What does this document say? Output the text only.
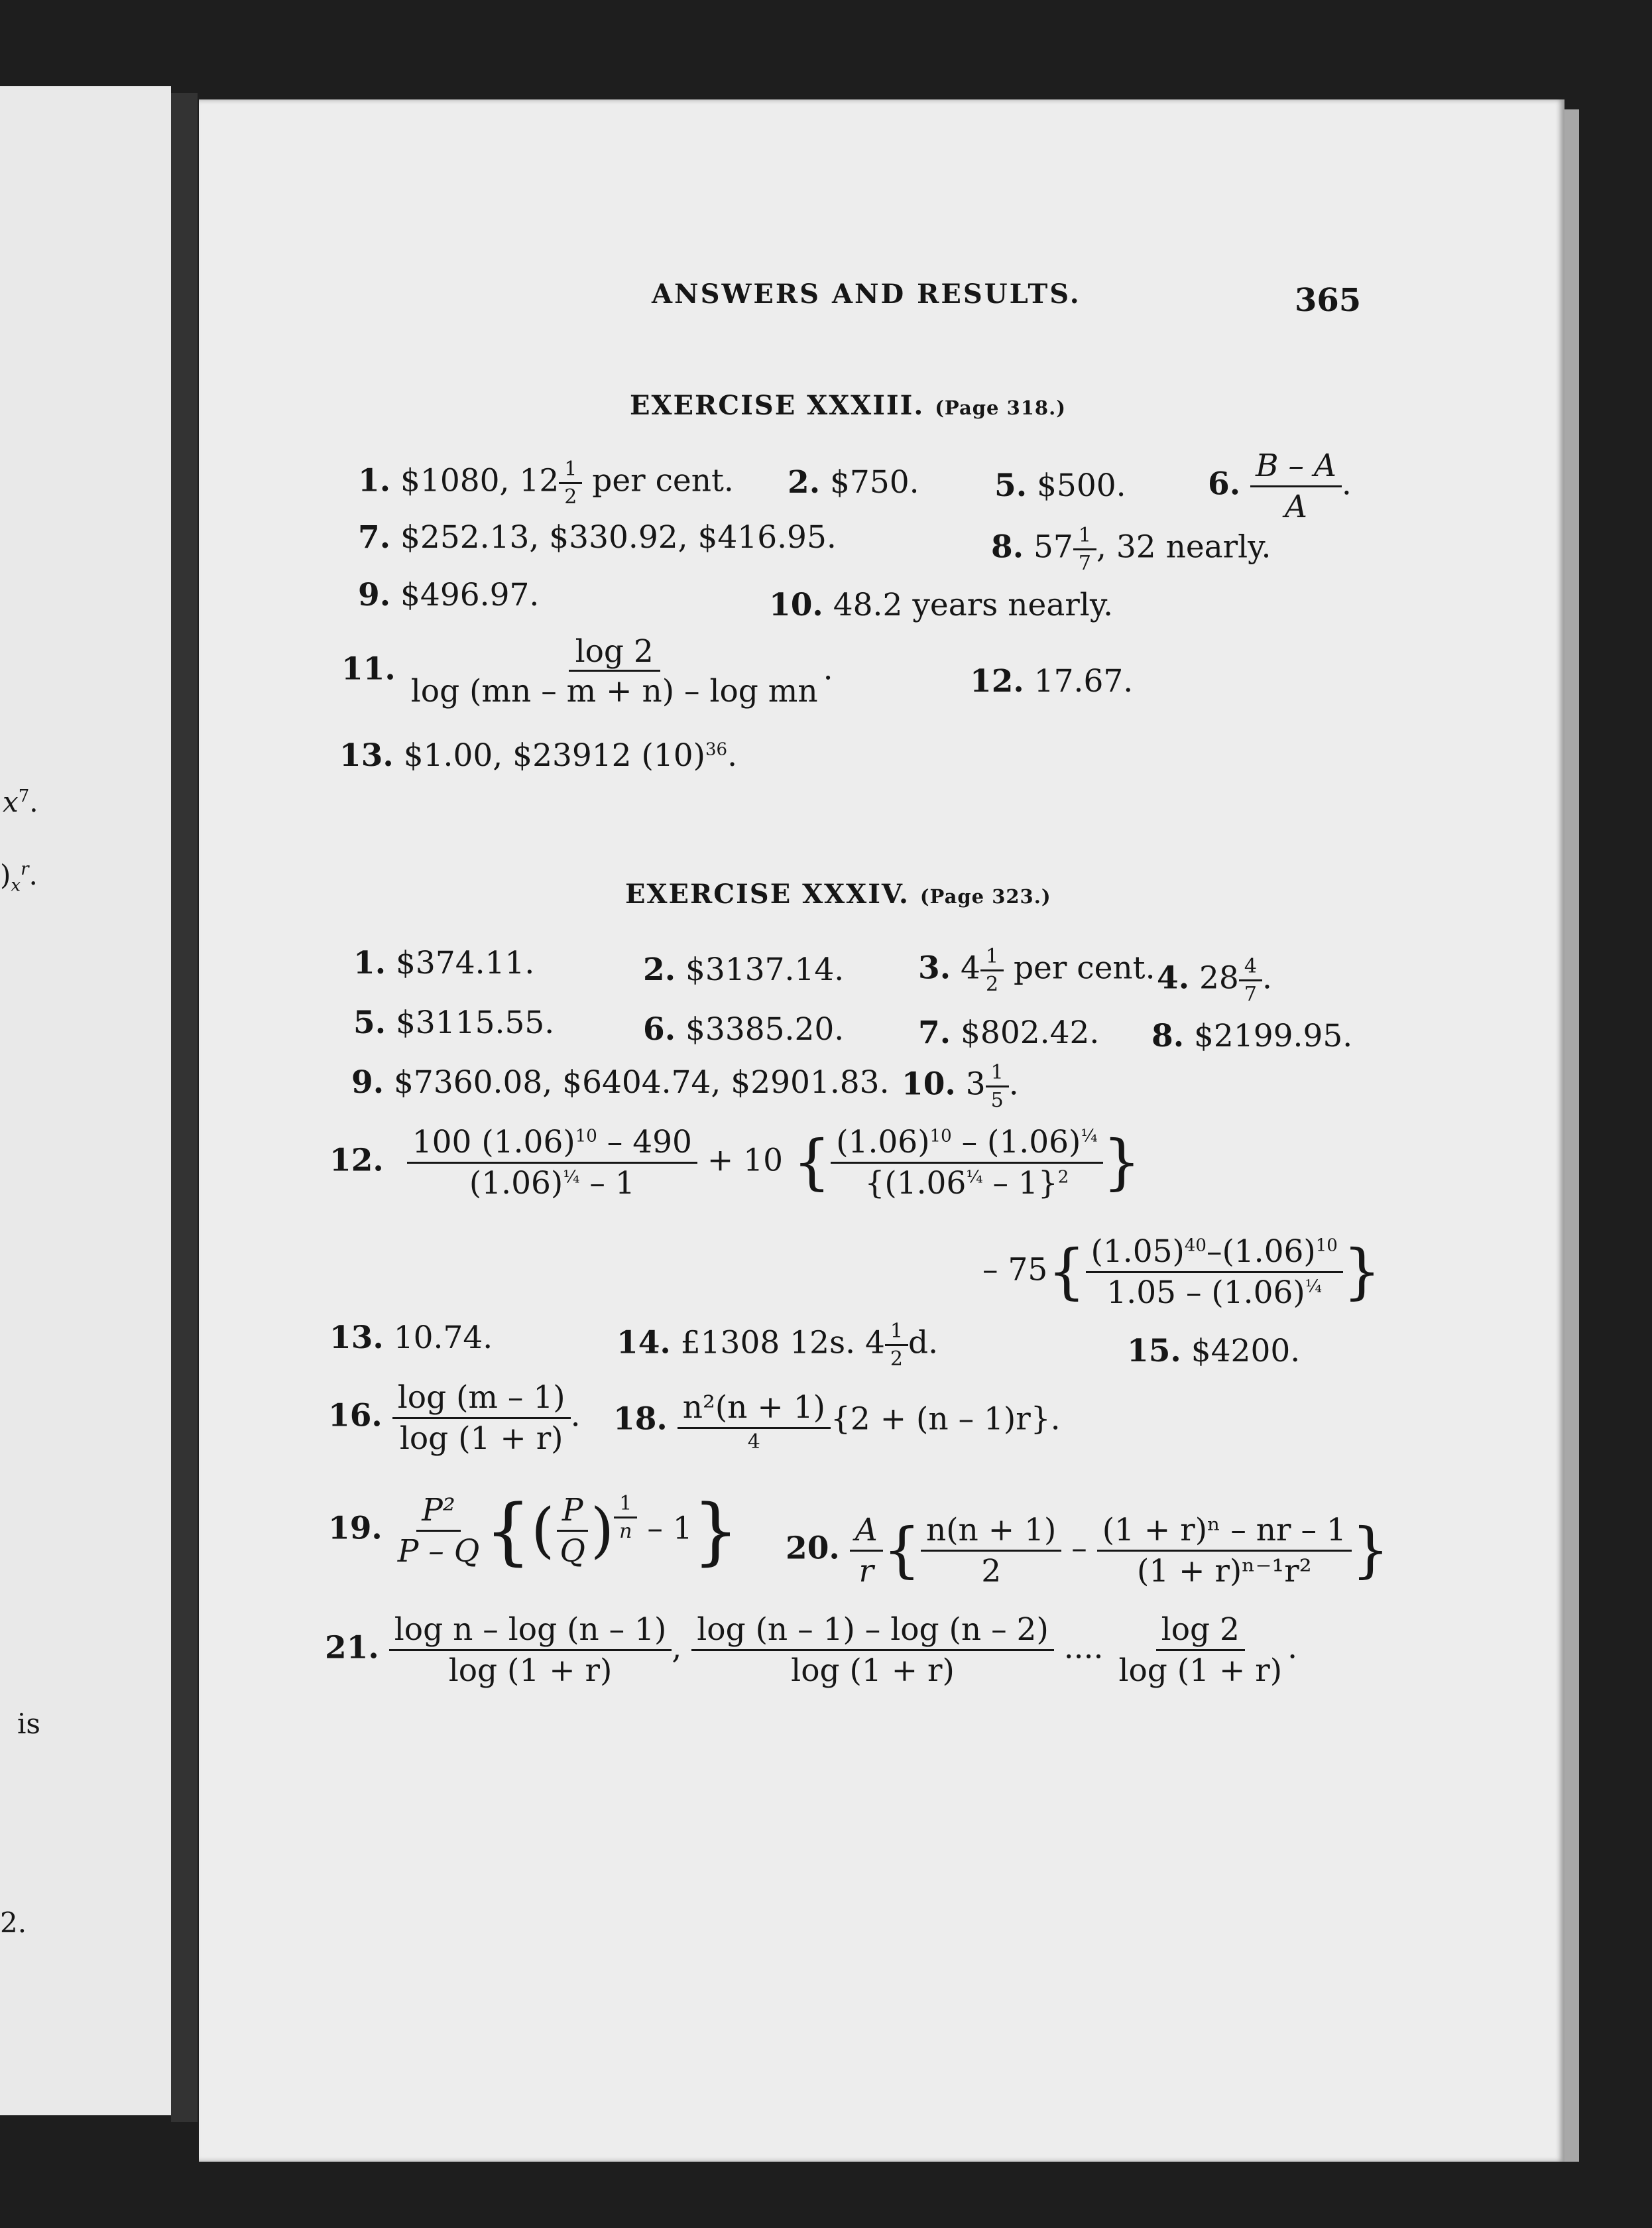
$x^7$.
)$_x^r$.
is
2.
ANSWERS AND RESULTS.	365
EXERCISE XXXIII. (Page 318.)
1. $1080, $12 \frac{1}{2}$ per cent. 2. $750. 5. $500.	6. $\frac{B - A}{A}$ .
7. $252.13, $330.92, $416.95.	8. $57 \frac{1}{7}$ , 32 nearly.
9. $496.97.	10. 48.2 years nearly.
11. $\frac{\log 2}{\text{log (mn – m + n) – log mn}}$ .	12. 17.67.
13. $1.00, $23912 $(10)^{36}$.
EXERCISE XXXIV. (Page 323.)
1. $374.11.	2. $3137.14. 3. $4 \frac{1}{2}$ per cent. 4. $28 \frac{4}{7}$ .
5. $3115.55.	6. $3385.20. 7. $802.42. 8. $2199.95.
9. $7360.08, $6404.74, $2901.83. 10. $3 \frac{1}{5}$ .
12. $\frac{100 (1.06)^{10} - 490}{(1.06)^{\frac{1}{4}} - 1} + 10$ { $\frac{(1.06)^{10} - (1.06)^{\frac{1}{4}}}{\{(1.06^{\frac{1}{4}} - 1\}^2}$ }
– $75\{ \frac{(1.05)^{40}-(1.06)^{10}}{1.05 - (1.06)^{\frac{1}{4}}}$ }
13. 10.74.	14. £1308 12s. $4 \frac{1}{2} d$.	15. $4200.
16. $\frac{\log (m - 1)}{\log (1 + r)}$ . 18. $\frac{\text{n²(n + 1)}}{4} \{2 + (n - 1)r\}$.
19. $\frac{\text{P²}}{P - Q}$ {( $\frac{P}{Q}$ ) $\frac{1}{n} - 1$} 20. $\frac{A}{r}$ { $\frac{n(n + 1)}{2} - \frac{\text{(1 + r)ⁿ – nr – 1}}{\text{(1 + r)ⁿ⁻¹r²}}$ }
21. $\frac{\text{log n – log (n – 1)}}{\log (1 + r)}$ , $\frac{\log (n - 1) - \log (n - 2)}{\log (1 + r)}$ .... $\frac{\log 2}{\log (1 + r)}$ .
